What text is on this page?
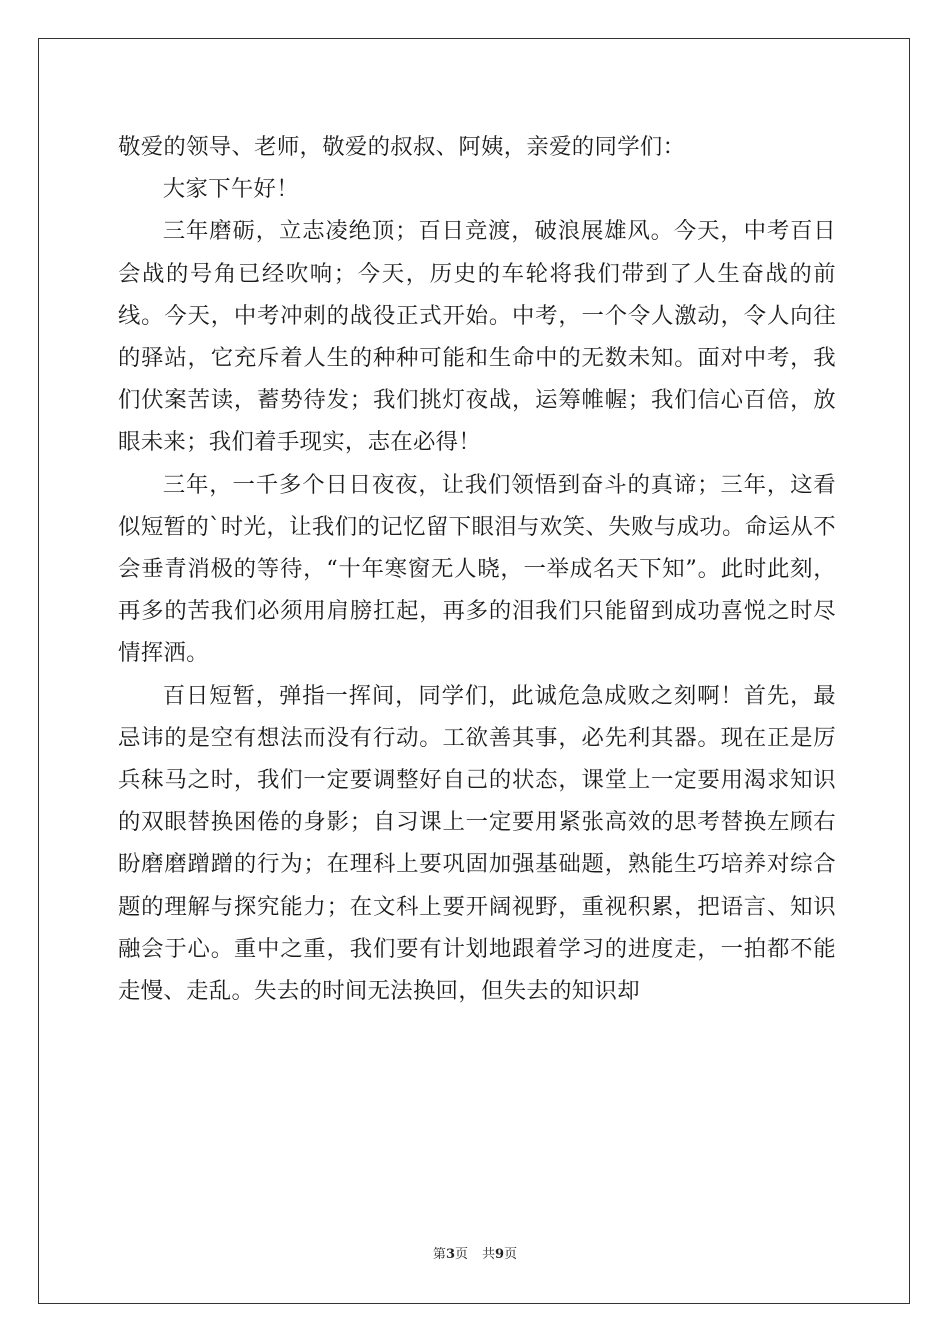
敬爱的领导、老师，敬爱的叔叔、阿姨，亲爱的同学们：

大家下午好！

三年磨砺，立志凌绝顶；百日竞渡，破浪展雄风。今天，中考百日会战的号角已经吹响；今天，历史的车轮将我们带到了人生奋战的前线。今天，中考冲刺的战役正式开始。中考，一个令人激动，令人向往的驿站，它充斥着人生的种种可能和生命中的无数未知。面对中考，我们伏案苦读，蓄势待发；我们挑灯夜战，运筹帷幄；我们信心百倍，放眼未来；我们着手现实，志在必得！

三年，一千多个日日夜夜，让我们领悟到奋斗的真谛；三年，这看似短暂的`时光，让我们的记忆留下眼泪与欢笑、失败与成功。命运从不会垂青消极的等待，“十年寒窗无人晓，一举成名天下知”。此时此刻，再多的苦我们必须用肩膀扛起，再多的泪我们只能留到成功喜悦之时尽情挥洒。

百日短暂，弹指一挥间，同学们，此诚危急成败之刻啊！首先，最忌讳的是空有想法而没有行动。工欲善其事，必先利其器。现在正是厉兵秣马之时，我们一定要调整好自己的状态，课堂上一定要用渴求知识的双眼替换困倦的身影；自习课上一定要用紧张高效的思考替换左顾右盼磨磨蹭蹭的行为；在理科上要巩固加强基础题，熟能生巧培养对综合题的理解与探究能力；在文科上要开阔视野，重视积累，把语言、知识融会于心。重中之重，我们要有计划地跟着学习的进度走，一拍都不能走慢、走乱。失去的时间无法换回，但失去的知识却

第3页 共9页
